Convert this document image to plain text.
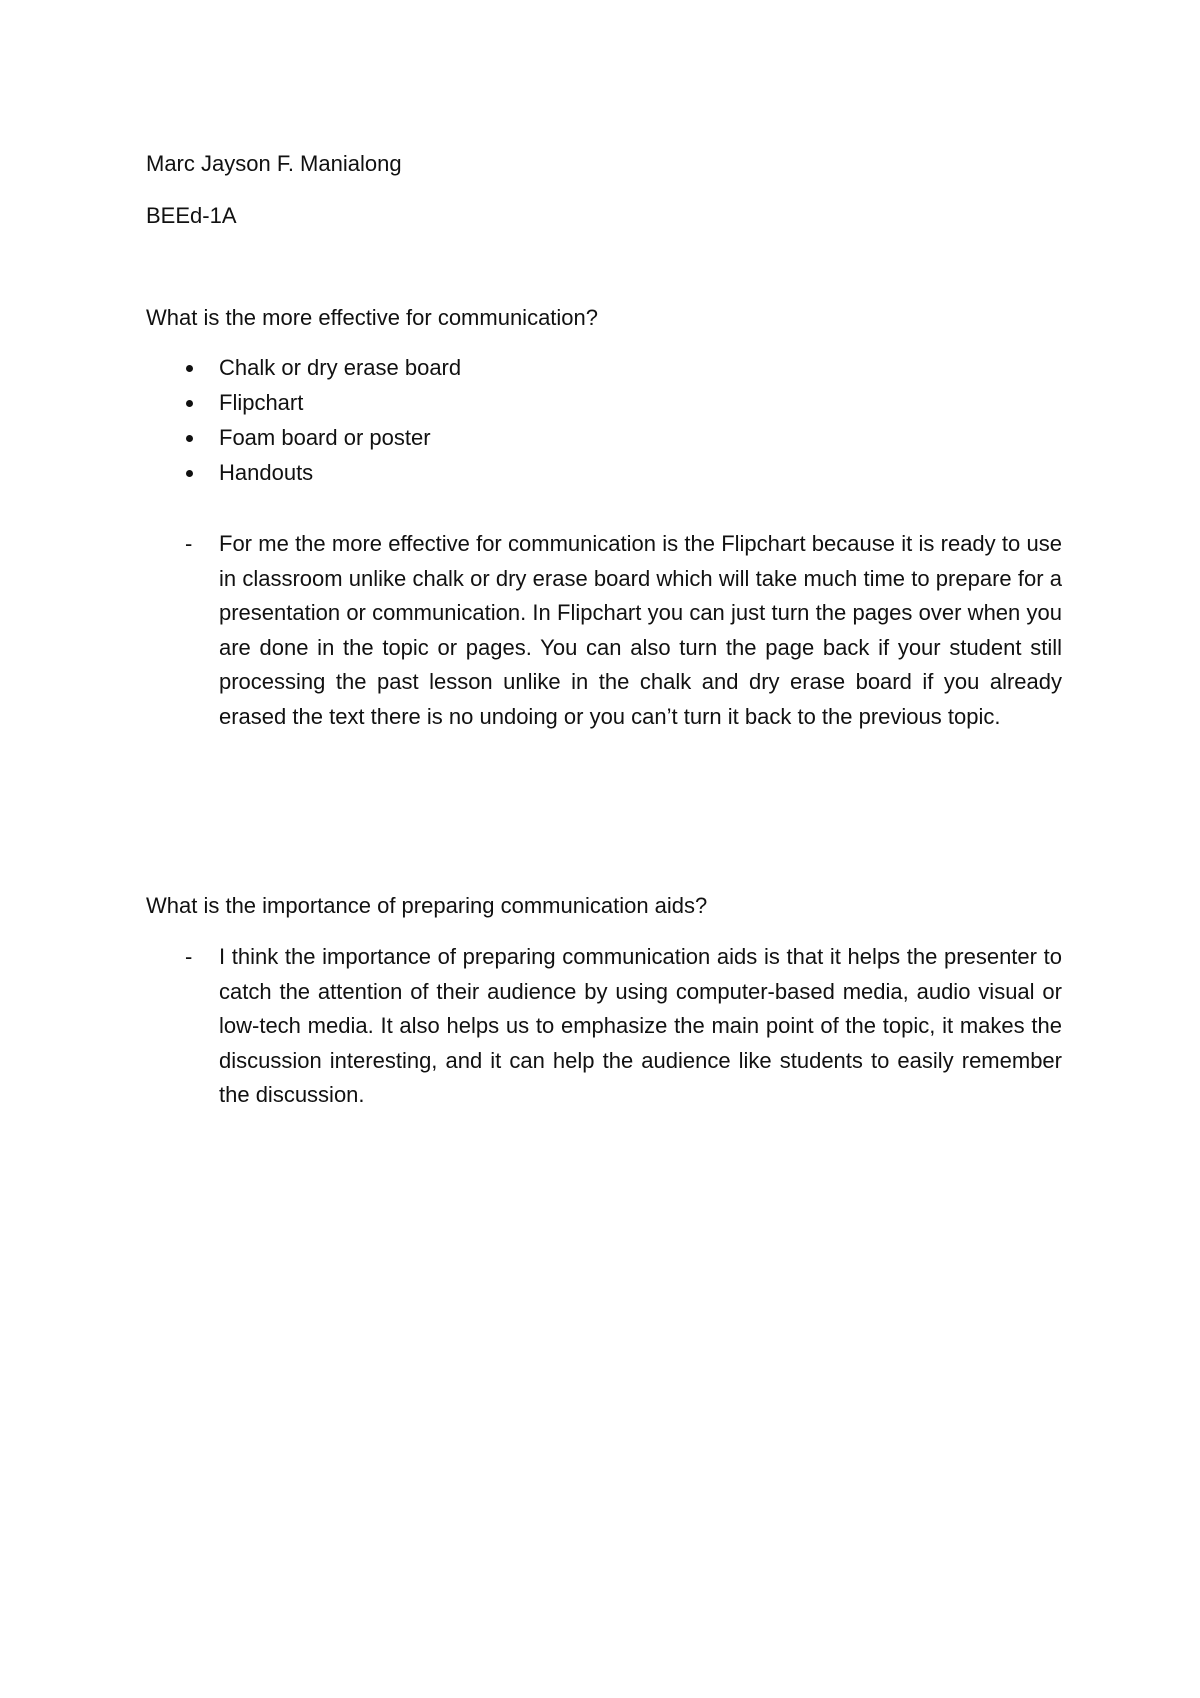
Marc Jayson F. Manialong
BEEd-1A
What is the more effective for communication?
Chalk or dry erase board
Flipchart
Foam board or poster
Handouts
- For me the more effective for communication is the Flipchart because it is ready to use in classroom unlike chalk or dry erase board which will take much time to prepare for a presentation or communication. In Flipchart you can just turn the pages over when you are done in the topic or pages. You can also turn the page back if your student still processing the past lesson unlike in the chalk and dry erase board if you already erased the text there is no undoing or you can’t turn it back to the previous topic.

What is the importance of preparing communication aids?
- I think the importance of preparing communication aids is that it helps the presenter to catch the attention of their audience by using computer-based media, audio visual or low-tech media. It also helps us to emphasize the main point of the topic, it makes the discussion interesting, and it can help the audience like students to easily remember the discussion.
